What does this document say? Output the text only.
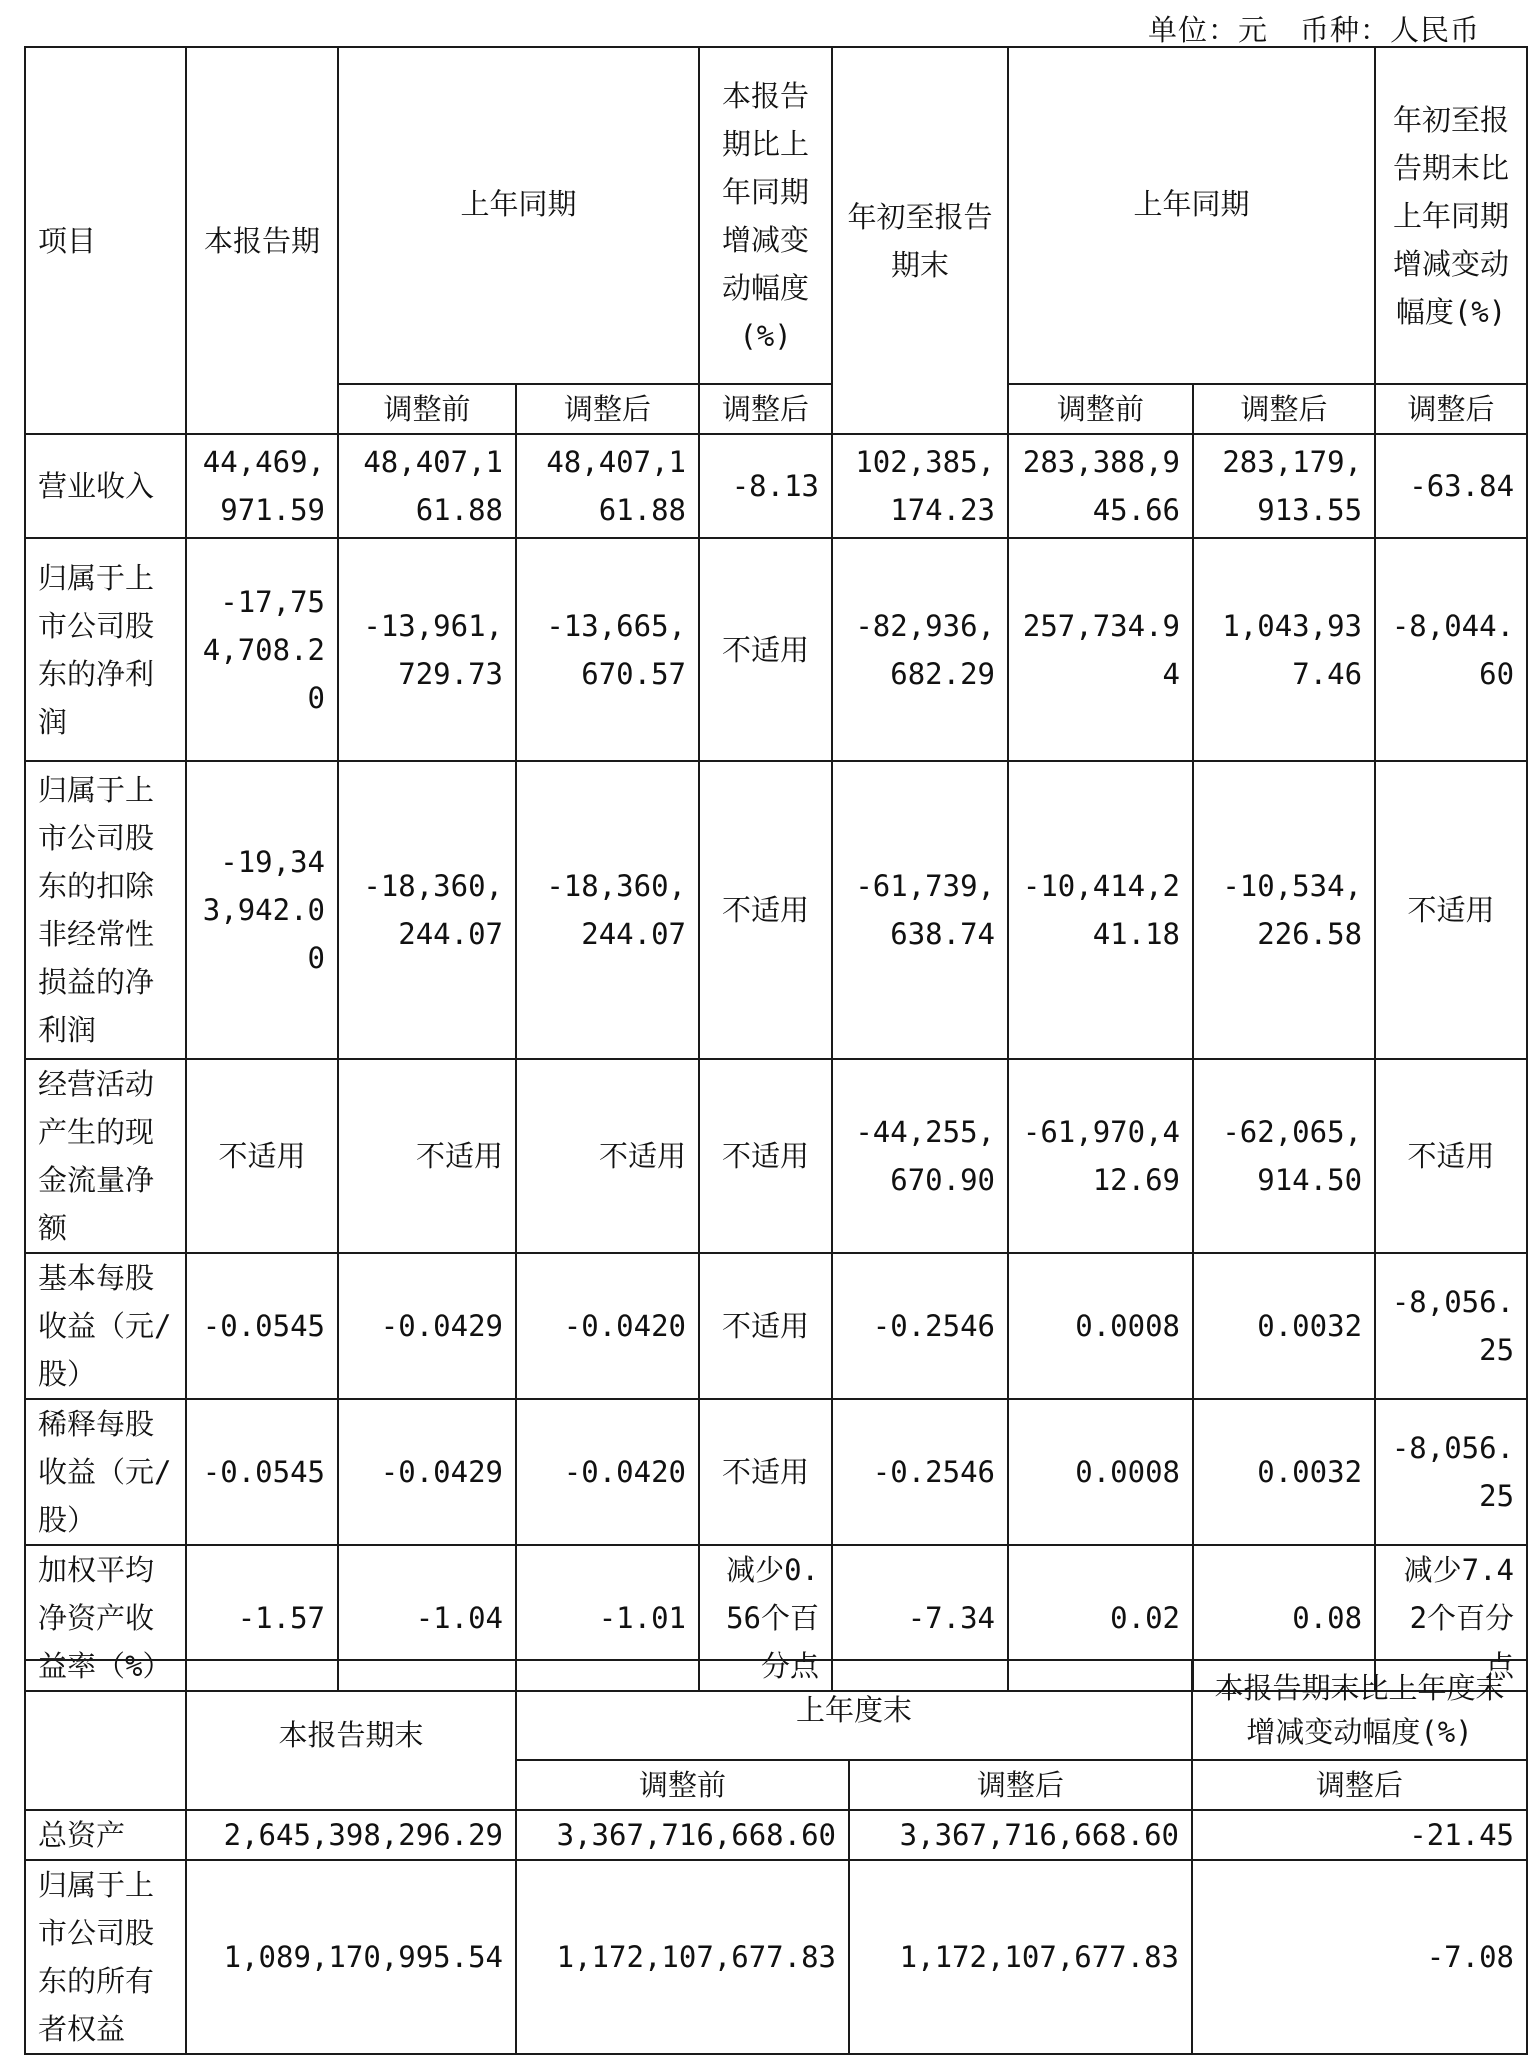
单位：元 币种：人民币
项目	本报告期	上年同期		本报告期比上年同期增减变动幅度(%)	年初至报告期末	上年同期		年初至报告期末比上年同期增减变动幅度(%)
		调整前	调整后	调整后		调整前	调整后	调整后
营业收入	44,469,971.59	48,407,161.88	48,407,161.88	-8.13	102,385,174.23	283,388,945.66	283,179,913.55	-63.84
归属于上市公司股东的净利润	-17,754,708.20	-13,961,729.73	-13,665,670.57	不适用	-82,936,682.29	257,734.94	1,043,937.46	-8,044.60
归属于上市公司股东的扣除非经常性损益的净利润	-19,343,942.00	-18,360,244.07	-18,360,244.07	不适用	-61,739,638.74	-10,414,241.18	-10,534,226.58	不适用
经营活动产生的现金流量净额	不适用	不适用	不适用	不适用	-44,255,670.90	-61,970,412.69	-62,065,914.50	不适用
基本每股收益（元/股）	-0.0545	-0.0429	-0.0420	不适用	-0.2546	0.0008	0.0032	-8,056.25
稀释每股收益（元/股）	-0.0545	-0.0429	-0.0420	不适用	-0.2546	0.0008	0.0032	-8,056.25
加权平均净资产收益率（%）	-1.57	-1.04	-1.01	减少0.56个百分点	-7.34	0.02	0.08	减少7.42个百分点
	本报告期末	上年度末		本报告期末比上年度末增减变动幅度(%)
		调整前	调整后	调整后
总资产	2,645,398,296.29	3,367,716,668.60	3,367,716,668.60	-21.45
归属于上市公司股东的所有者权益	1,089,170,995.54	1,172,107,677.83	1,172,107,677.83	-7.08
